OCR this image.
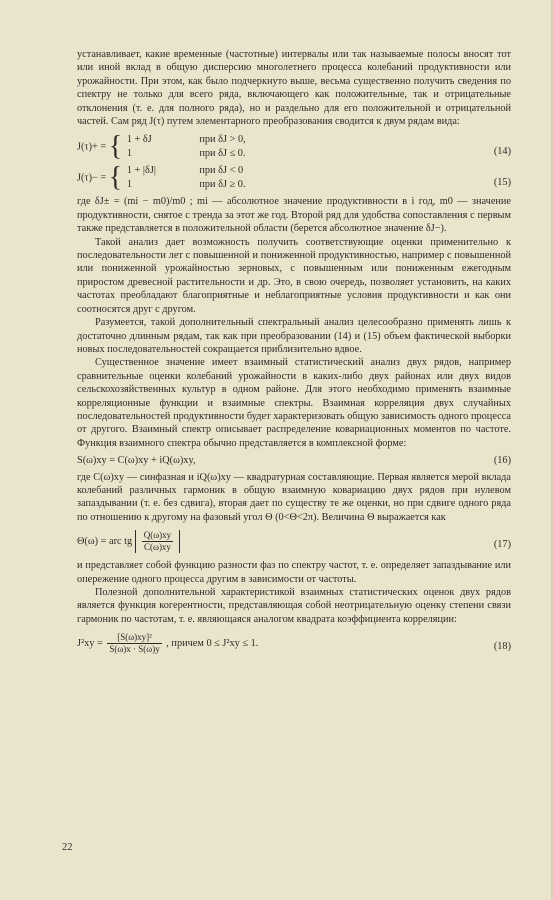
устанавливает, какие временные (частотные) интервалы или так называемые полосы вносят тот или иной вклад в общую дисперсию многолетнего процесса колебаний продуктивности или урожайности. При этом, как было подчеркнуто выше, весьма существенно получить сведения по спектру не только для всего ряда, включающего как положительные, так и отрицательные отклонения (т. е. для полного ряда), но и раздельно для его положительной и отрицательной частей. Сам ряд J(τ) путем элементарного преобразования сводится к двум рядам вида:

J(τ)+ = { 1 + δJ	при δJ > 0,
1	при δJ ≤ 0.	(14)
J(τ)− = { 1 + |δJ|	при δJ < 0
1	при δJ ≥ 0.	(15)

где δJ± = (mi − m0)/m0 ; mi — абсолютное значение продуктивности в i год, m0 — значение продуктивности, снятое с тренда за этот же год. Второй ряд для удобства сопоставления с первым также представляется в положительной области (берется абсолютное значение δJ−).

Такой анализ дает возможность получить соответствующие оценки применительно к последовательности лет с повышенной и пониженной продуктивностью, например с повышенной или пониженной урожайностью зерновых, с повышенным или пониженным ежегодным приростом древесной растительности и др. Это, в свою очередь, позволяет установить, на каких частотах преобладают благоприятные и неблагоприятные условия продуктивности и как они соотносятся друг с другом.

Разумеется, такой дополнительный спектральный анализ целесообразно применять лишь к достаточно длинным рядам, так как при преобразовании (14) и (15) объем фактической выборки новых последовательностей сокращается приблизительно вдвое.

Существенное значение имеет взаимный статистический анализ двух рядов, например сравнительные оценки колебаний урожайности в каких-либо двух районах или двух видов сельскохозяйственных культур в одном районе. Для этого необходимо применять взаимные корреляционные функции и взаимные спектры. Взаимная корреляция двух случайных последовательностей продуктивности будет характеризовать общую зависимость одного процесса от другого. Взаимный спектр описывает распределение ковариационных моментов по частоте. Функция взаимного спектра обычно представляется в комплексной форме:

S(ω)xy = C(ω)xy + iQ(ω)xy,	(16)

где C(ω)xy — синфазная и iQ(ω)xy — квадратурная составляющие. Первая является мерой вклада колебаний различных гармоник в общую взаимную ковариацию двух рядов при нулевом запаздывании (т. е. без сдвига), вторая дает по существу те же оценки, но при сдвиге одного ряда по отношению к другому на фазовый угол Θ (0<Θ<2π). Величина Θ выражается как

Θ(ω) = arc tg $\frac{Q(\omega)xy}{C(\omega)xy}$	(17)

и представляет собой функцию разности фаз по спектру частот, т. е. определяет запаздывание или опережение одного процесса другим в зависимости от частоты.

Полезной дополнительной характеристикой взаимных статистических оценок двух рядов является функция когерентности, представляющая собой неотрицательную оценку степени связи гармоник по частотам, т. е. являющаяся аналогом квадрата коэффициента корреляции:

$J^2xy = \frac{\text{[S(ω)xy]²}}{S(\omega)x \cdot S(\omega)y}$ , причем 0 ≤ J²xy ≤ 1.	(18)
22
